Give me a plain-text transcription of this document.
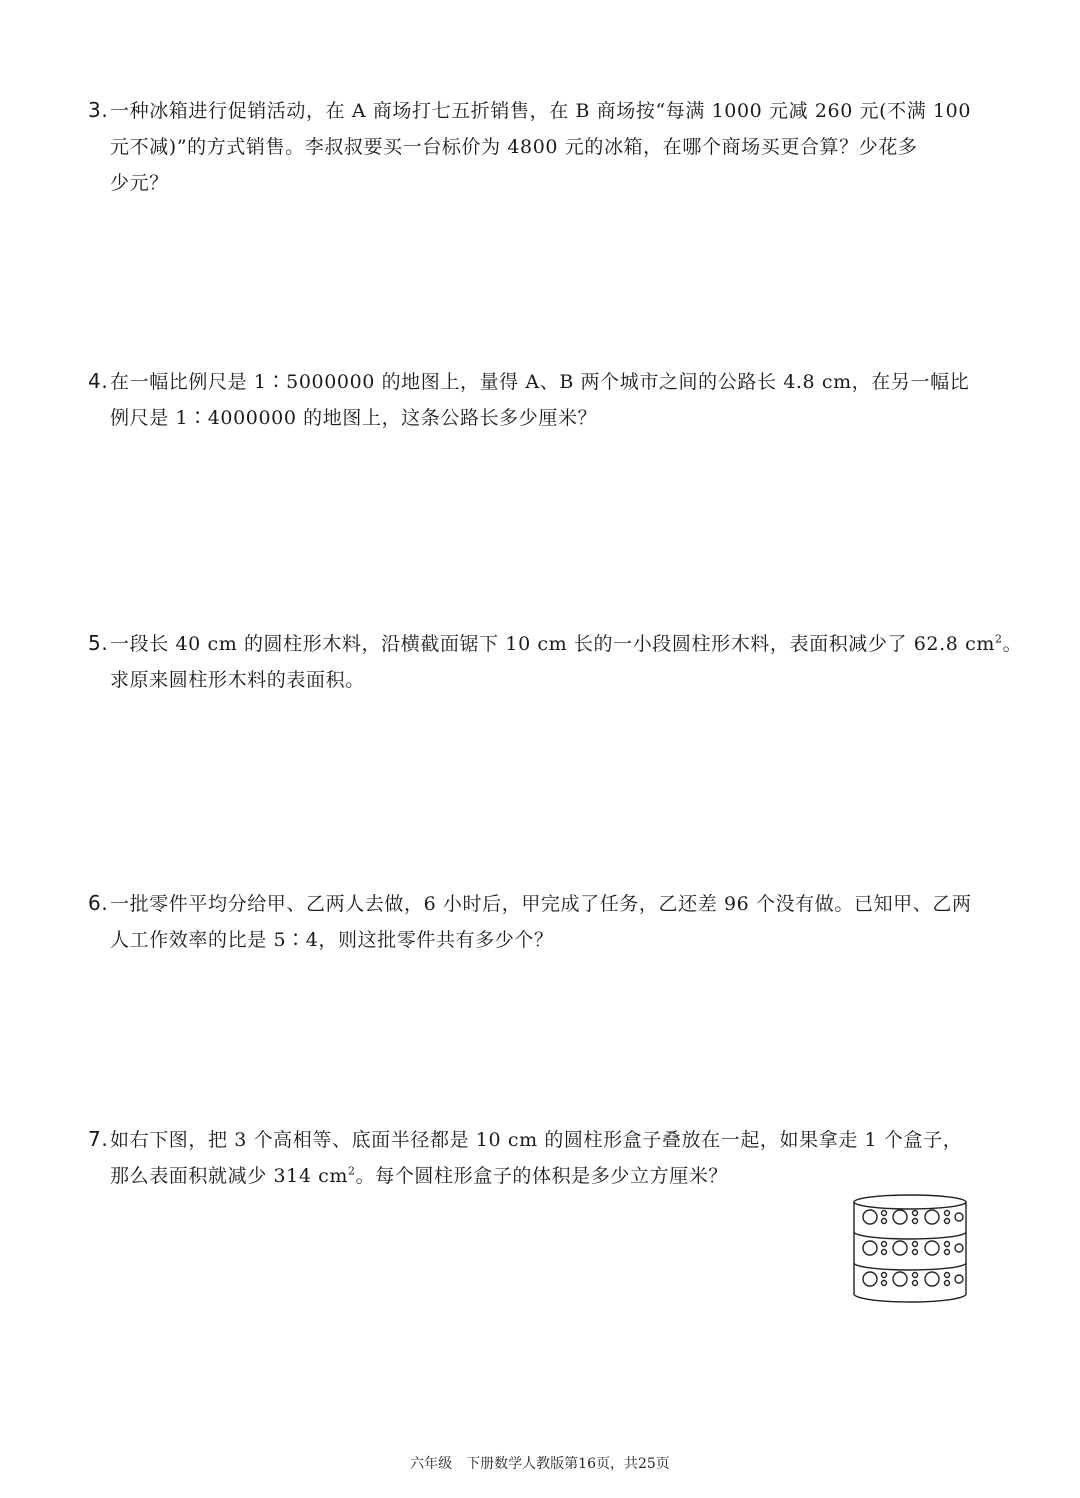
3.一种冰箱进行促销活动，在 A 商场打七五折销售，在 B 商场按“每满 1000 元减 260 元(不满 100
元不减)”的方式销售。李叔叔要买一台标价为 4800 元的冰箱，在哪个商场买更合算？少花多
少元？
4.在一幅比例尺是 1∶5000000 的地图上，量得 A、B 两个城市之间的公路长 4.8 cm，在另一幅比
例尺是 1∶4000000 的地图上，这条公路长多少厘米？
5.一段长 40 cm 的圆柱形木料，沿横截面锯下 10 cm 长的一小段圆柱形木料，表面积减少了 62.8 $cm^2$。
求原来圆柱形木料的表面积。
6.一批零件平均分给甲、乙两人去做，6 小时后，甲完成了任务，乙还差 96 个没有做。已知甲、乙两
人工作效率的比是 5∶4，则这批零件共有多少个？
7.如右下图，把 3 个高相等、底面半径都是 10 cm 的圆柱形盒子叠放在一起，如果拿走 1 个盒子，
那么表面积就减少 314 $cm^2$。每个圆柱形盒子的体积是多少立方厘米？
六年级 下册数学人教版第16页，共25页
